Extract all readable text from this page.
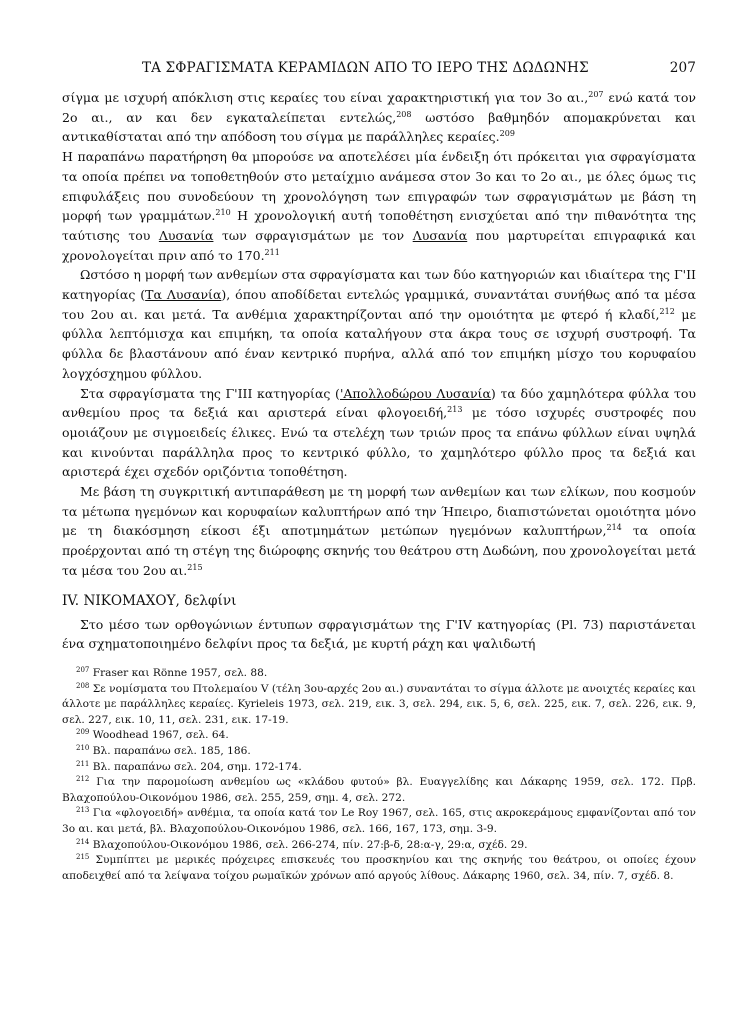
ΤΑ ΣΦΡΑΓΙΣΜΑΤΑ ΚΕΡΑΜΙΔΩΝ ΑΠΟ ΤΟ ΙΕΡΟ ΤΗΣ ΔΩΔΩΝΗΣ	207

σίγμα με ισχυρή απόκλιση στις κεραίες του είναι χαρακτηριστική για τον 3ο αι.,$^{207}$ ενώ κατά τον 2ο αι., αν και δεν εγκαταλείπεται εντελώς,$^{208}$ ωστόσο βαθμηδόν απομακρύνεται και αντικαθίσταται από την απόδοση του σίγμα με παράλληλες κεραίες.$^{209}$

Η παραπάνω παρατήρηση θα μπορούσε να αποτελέσει μία ένδειξη ότι πρόκειται για σφραγίσματα τα οποία πρέπει να τοποθετηθούν στο μεταίχμιο ανάμεσα στον 3ο και το 2ο αι., με όλες όμως τις επιφυλάξεις που συνοδεύουν τη χρονολόγηση των επιγραφών των σφραγισμάτων με βάση τη μορφή των γραμμάτων.$^{210}$ Η χρονολογική αυτή τοποθέτηση ενισχύεται από την πιθανότητα της ταύτισης του Λυσανία των σφραγισμάτων με τον Λυσανία που μαρτυρείται επιγραφικά και χρονολογείται πριν από το 170.$^{211}$

Ωστόσο η μορφή των ανθεμίων στα σφραγίσματα και των δύο κατηγοριών και ιδιαίτερα της Γ'ΙΙ κατηγορίας (Τα Λυσανία), όπου αποδίδεται εντελώς γραμμικά, συναντάται συνήθως από τα μέσα του 2ου αι. και μετά. Τα ανθέμια χαρακτηρίζονται από την ομοιότητα με φτερό ή κλαδί,$^{212}$ με φύλλα λεπτόμισχα και επιμήκη, τα οποία καταλήγουν στα άκρα τους σε ισχυρή συστροφή. Τα φύλλα δε βλαστάνουν από έναν κεντρικό πυρήνα, αλλά από τον επιμήκη μίσχο του κορυφαίου λογχόσχημου φύλλου.

Στα σφραγίσματα της Γ'ΙΙΙ κατηγορίας ('Απολλοδώρου Λυσανία) τα δύο χαμηλότερα φύλλα του ανθεμίου προς τα δεξιά και αριστερά είναι φλογοειδή,$^{213}$ με τόσο ισχυρές συστροφές που ομοιάζουν με σιγμοειδείς έλικες. Ενώ τα στελέχη των τριών προς τα επάνω φύλλων είναι υψηλά και κινούνται παράλληλα προς το κεντρικό φύλλο, το χαμηλότερο φύλλο προς τα δεξιά και αριστερά έχει σχεδόν οριζόντια τοποθέτηση.

Με βάση τη συγκριτική αντιπαράθεση με τη μορφή των ανθεμίων και των ελίκων, που κοσμούν τα μέτωπα ηγεμόνων και κορυφαίων καλυπτήρων από την Ήπειρο, διαπιστώνεται ομοιότητα μόνο με τη διακόσμηση είκοσι έξι αποτμημάτων μετώπων ηγεμόνων καλυπτήρων,$^{214}$ τα οποία προέρχονται από τη στέγη της διώροφης σκηνής του θεάτρου στη Δωδώνη, που χρονολογείται μετά τα μέσα του 2ου αι.$^{215}$

IV. ΝΙΚΟΜΑΧΟΥ, δελφίνι

Στο μέσο των ορθογώνιων έντυπων σφραγισμάτων της Γ'IV κατηγορίας (Pl. 73) παριστάνεται ένα σχηματοποιημένο δελφίνι προς τα δεξιά, με κυρτή ράχη και ψαλιδωτή

$^{207}$ Fraser και Rönne 1957, σελ. 88.

$^{208}$ Σε νομίσματα του Πτολεμαίου V (τέλη 3ου-αρχές 2ου αι.) συναντάται το σίγμα άλλοτε με ανοιχτές κεραίες και άλλοτε με παράλληλες κεραίες. Kyrieleis 1973, σελ. 219, εικ. 3, σελ. 294, εικ. 5, 6, σελ. 225, εικ. 7, σελ. 226, εικ. 9, σελ. 227, εικ. 10, 11, σελ. 231, εικ. 17-19.

$^{209}$ Woodhead 1967, σελ. 64.

$^{210}$ Βλ. παραπάνω σελ. 185, 186.

$^{211}$ Βλ. παραπάνω σελ. 204, σημ. 172-174.

$^{212}$ Για την παρομοίωση ανθεμίου ως «κλάδου φυτού» βλ. Ευαγγελίδης και Δάκαρης 1959, σελ. 172. Πρβ. Βλαχοπούλου-Οικονόμου 1986, σελ. 255, 259, σημ. 4, σελ. 272.

$^{213}$ Για «φλογοειδή» ανθέμια, τα οποία κατά τον Le Roy 1967, σελ. 165, στις ακροκεράμους εμφανίζονται από τον 3ο αι. και μετά, βλ. Βλαχοπούλου-Οικονόμου 1986, σελ. 166, 167, 173, σημ. 3-9.

$^{214}$ Βλαχοπούλου-Οικονόμου 1986, σελ. 266-274, πίν. 27:β-δ, 28:α-γ, 29:α, σχέδ. 29.

$^{215}$ Συμπίπτει με μερικές πρόχειρες επισκευές του προσκηνίου και της σκηνής του θεάτρου, οι οποίες έχουν αποδειχθεί από τα λείψανα τοίχου ρωμαϊκών χρόνων από αργούς λίθους. Δάκαρης 1960, σελ. 34, πίν. 7, σχέδ. 8.
